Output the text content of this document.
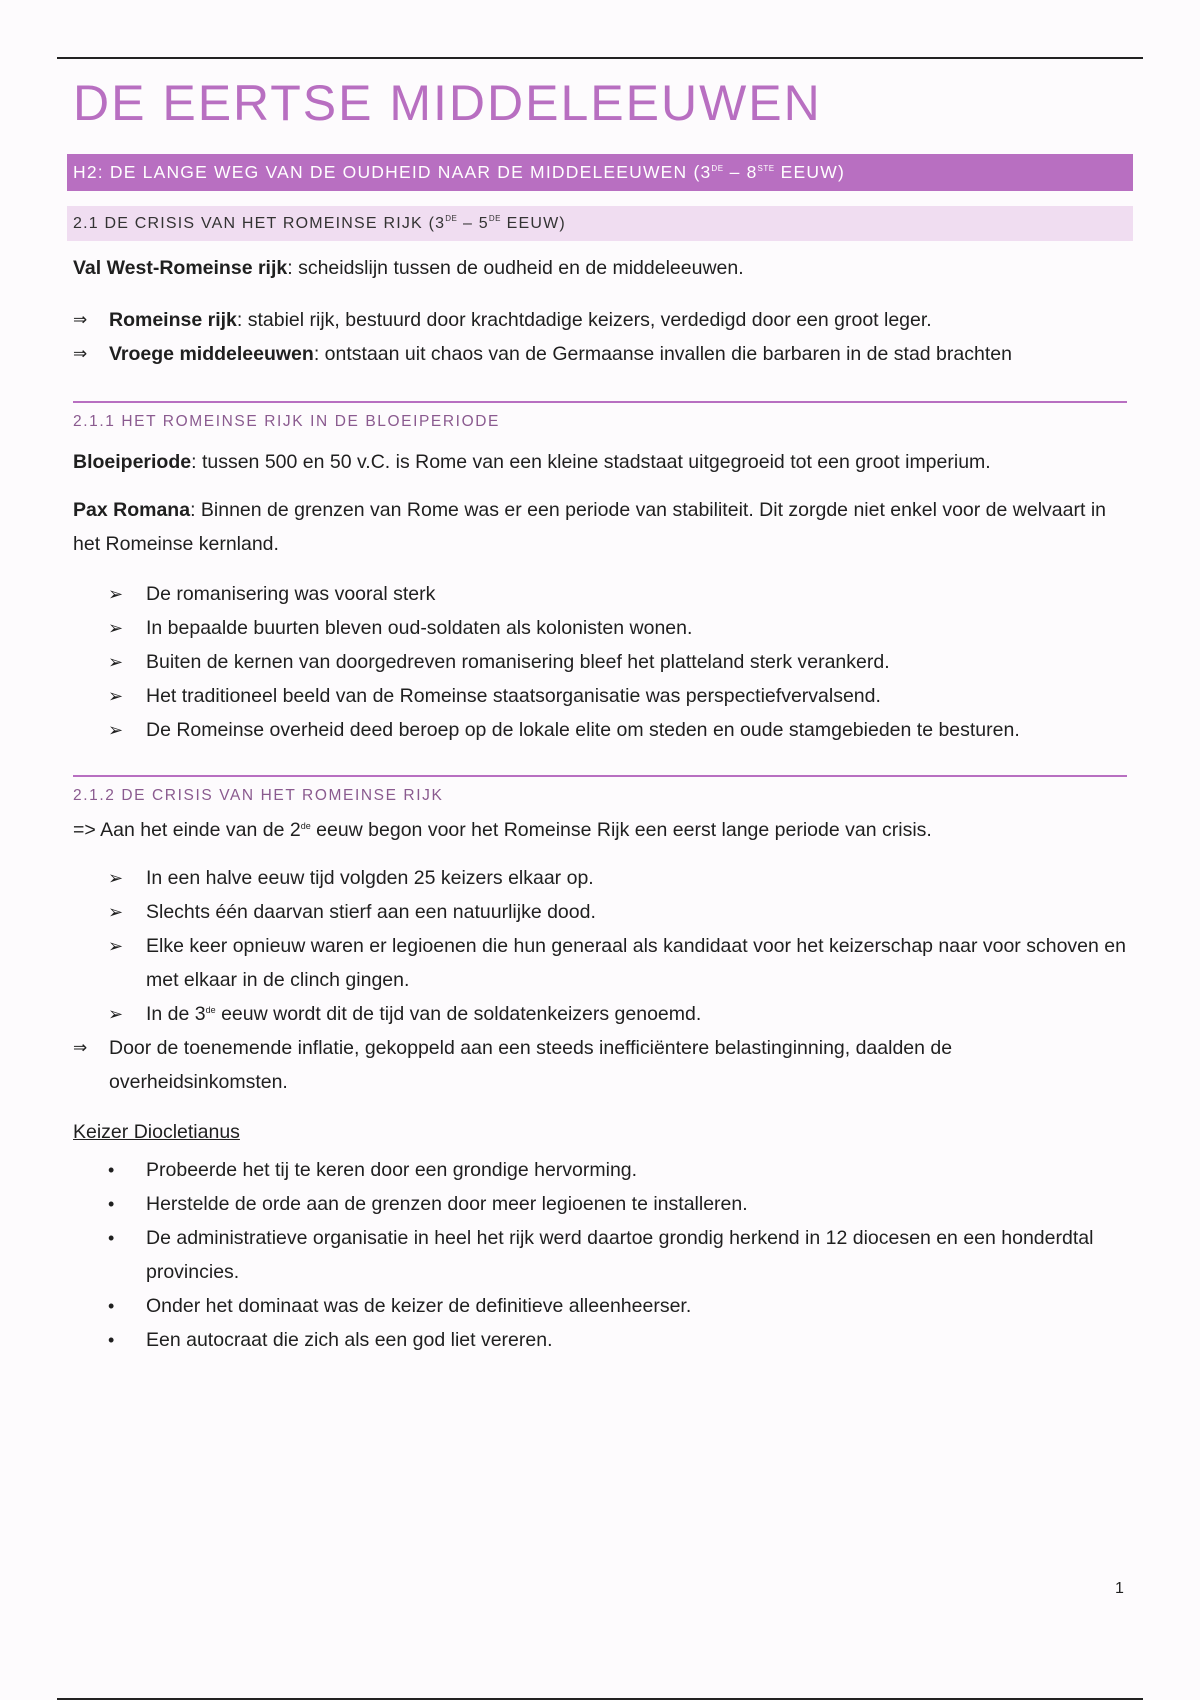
DE EERTSE MIDDELEEUWEN
H2: DE LANGE WEG VAN DE OUDHEID NAAR DE MIDDELEEUWEN (3DE – 8STE EEUW)
2.1 DE CRISIS VAN HET ROMEINSE RIJK (3DE – 5DE EEUW)

Val West-Romeinse rijk: scheidslijn tussen de oudheid en de middeleeuwen.

⇒	Romeinse rijk: stabiel rijk, bestuurd door krachtdadige keizers, verdedigd door een groot leger.
⇒	Vroege middeleeuwen: ontstaan uit chaos van de Germaanse invallen die barbaren in de stad brachten
2.1.1 HET ROMEINSE RIJK IN DE BLOEIPERIODE

Bloeiperiode: tussen 500 en 50 v.C. is Rome van een kleine stadstaat uitgegroeid tot een groot imperium.

Pax Romana: Binnen de grenzen van Rome was er een periode van stabiliteit. Dit zorgde niet enkel voor de welvaart in het Romeinse kernland.

➢	De romanisering was vooral sterk
➢	In bepaalde buurten bleven oud-soldaten als kolonisten wonen.
➢	Buiten de kernen van doorgedreven romanisering bleef het platteland sterk verankerd.
➢	Het traditioneel beeld van de Romeinse staatsorganisatie was perspectiefvervalsend.
➢	De Romeinse overheid deed beroep op de lokale elite om steden en oude stamgebieden te besturen.
2.1.2 DE CRISIS VAN HET ROMEINSE RIJK

=> Aan het einde van de 2de eeuw begon voor het Romeinse Rijk een eerst lange periode van crisis.

➢	In een halve eeuw tijd volgden 25 keizers elkaar op.
➢	Slechts één daarvan stierf aan een natuurlijke dood.
➢	Elke keer opnieuw waren er legioenen die hun generaal als kandidaat voor het keizerschap naar voor schoven en met elkaar in de clinch gingen.
➢	In de 3de eeuw wordt dit de tijd van de soldatenkeizers genoemd.
⇒	Door de toenemende inflatie, gekoppeld aan een steeds inefficiëntere belastinginning, daalden de overheidsinkomsten.

Keizer Diocletianus

•	Probeerde het tij te keren door een grondige hervorming.
•	Herstelde de orde aan de grenzen door meer legioenen te installeren.
•	De administratieve organisatie in heel het rijk werd daartoe grondig herkend in 12 diocesen en een honderdtal provincies.
•	Onder het dominaat was de keizer de definitieve alleenheerser.
•	Een autocraat die zich als een god liet vereren.
1
